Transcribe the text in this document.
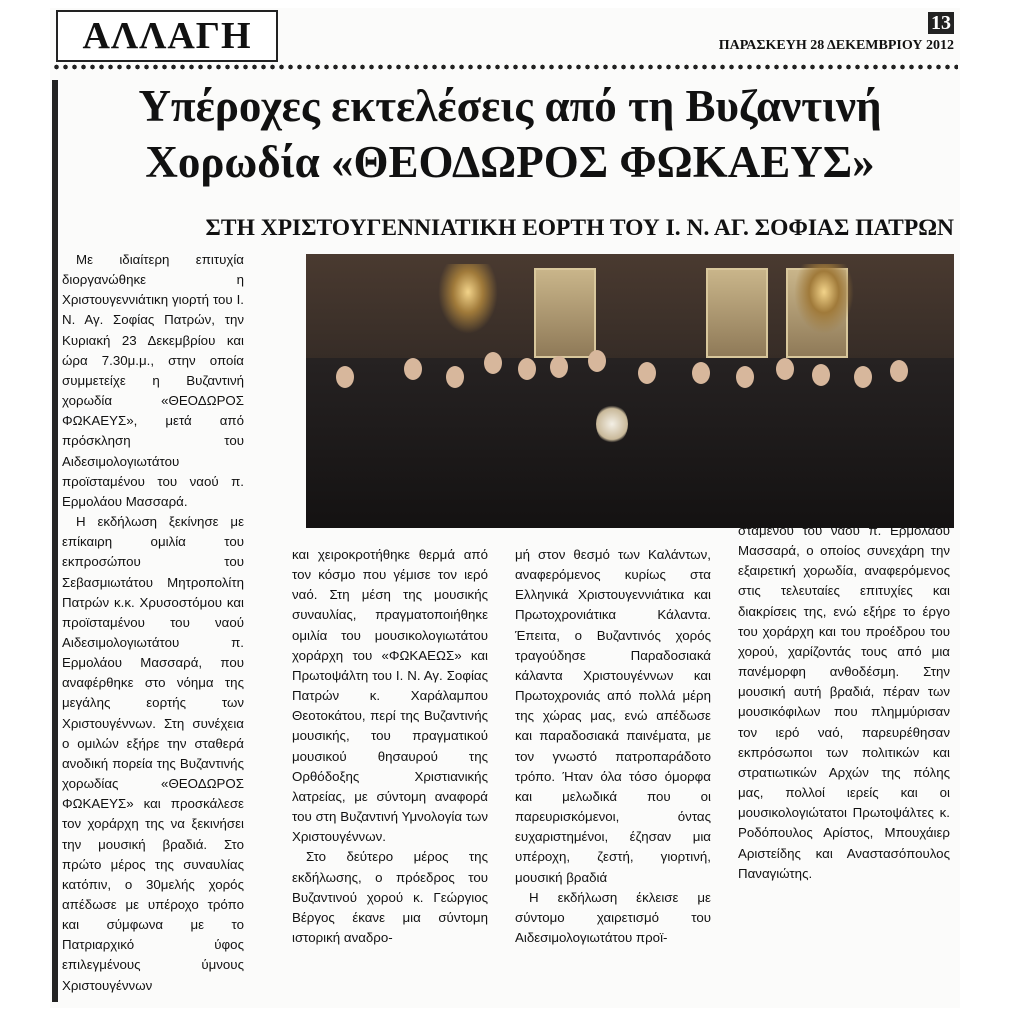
ΑΛΛΑΓΗ	13
ΠΑΡΑΣΚΕΥΗ 28 ΔΕΚΕΜΒΡΙΟΥ 2012
Υπέροχες εκτελέσεις από τη Βυζαντινή
Χορωδία «ΘΕΟΔΩΡΟΣ ΦΩΚΑΕΥΣ»
ΣΤΗ ΧΡΙΣΤΟΥΓΕΝΝΙΑΤΙΚΗ ΕΟΡΤΗ ΤΟΥ Ι. Ν. ΑΓ. ΣΟΦΙΑΣ ΠΑΤΡΩΝ

Με ιδιαίτερη επιτυχία διοργανώθηκε η Χριστουγεννιάτικη γιορτή του Ι. Ν. Αγ. Σοφίας Πατρών, την Κυριακή 23 Δεκεμβρίου και ώρα 7.30μ.μ., στην οποία συμμετείχε η Βυζαντινή χορωδία «ΘΕΟΔΩΡΟΣ ΦΩΚΑΕΥΣ», μετά από πρόσκληση του Αιδεσιμολογιωτάτου προϊσταμένου του ναού π. Ερμολάου Μασσαρά.

Η εκδήλωση ξεκίνησε με επίκαιρη ομιλία του εκπροσώπου του Σεβασμιωτάτου Μητροπολίτη Πατρών κ.κ. Χρυσοστόμου και προϊσταμένου του ναού Αιδεσιμολογιωτάτου π. Ερμολάου Μασσαρά, που αναφέρθηκε στο νόημα της μεγάλης εορτής των Χριστουγέννων. Στη συνέχεια ο ομιλών εξήρε την σταθερά ανοδική πορεία της Βυζαντινής χορωδίας «ΘΕΟΔΩΡΟΣ ΦΩΚΑΕΥΣ» και προσκάλεσε τον χοράρχη της να ξεκινήσει την μουσική βραδιά. Στο πρώτο μέρος της συναυλίας κατόπιν, ο 30μελής χορός απέδωσε με υπέροχο τρόπο και σύμφωνα με το Πατριαρχικό ύφος επιλεγμένους ύμνους Χριστουγέννων

και χειροκροτήθηκε θερμά από τον κόσμο που γέμισε τον ιερό ναό. Στη μέση της μουσικής συναυλίας, πραγματοποιήθηκε ομιλία του μουσικολογιωτάτου χοράρχη του «ΦΩΚΑΕΩΣ» και Πρωτοψάλτη του Ι. Ν. Αγ. Σοφίας Πατρών κ. Χαράλαμπου Θεοτοκάτου, περί της Βυζαντινής μουσικής, του πραγματικού μουσικού θησαυρού της Ορθόδοξης Χριστιανικής λατρείας, με σύντομη αναφορά του στη Βυζαντινή Υμνολογία των Χριστουγέννων.

Στο δεύτερο μέρος της εκδήλωσης, ο πρόεδρος του Βυζαντινού χορού κ. Γεώργιος Βέργος έκανε μια σύντομη ιστορική αναδρο-

μή στον θεσμό των Καλάντων, αναφερόμενος κυρίως στα Ελληνικά Χριστουγεννιάτικα και Πρωτοχρονιάτικα Κάλαντα. Έπειτα, ο Βυζαντινός χορός τραγούδησε Παραδοσιακά κάλαντα Χριστουγέννων και Πρωτοχρονιάς από πολλά μέρη της χώρας μας, ενώ απέδωσε και παραδοσιακά παινέματα, με τον γνωστό πατροπαράδοτο τρόπο. Ήταν όλα τόσο όμορφα και μελωδικά που οι παρευρισκόμενοι, όντας ευχαριστημένοι, έζησαν μια υπέροχη, ζεστή, γιορτινή, μουσική βραδιά

Η εκδήλωση έκλεισε με σύντομο χαιρετισμό του Αιδεσιμολογιωτάτου προϊ-

σταμένου του ναού π. Ερμολάου Μασσαρά, ο οποίος συνεχάρη την εξαιρετική χορωδία, αναφερόμενος στις τελευταίες επιτυχίες και διακρίσεις της, ενώ εξήρε το έργο του χοράρχη και του προέδρου του χορού, χαρίζοντάς τους από μια πανέμορφη ανθοδέσμη. Στην μουσική αυτή βραδιά, πέραν των μουσικόφιλων που πλημμύρισαν τον ιερό ναό, παρευρέθησαν εκπρόσωποι των πολιτικών και στρατιωτικών Αρχών της πόλης μας, πολλοί ιερείς και οι μουσικολογιώτατοι Πρωτοψάλτες κ. Ροδόπουλος Αρίστος, Μπουχάιερ Αριστείδης και Αναστασόπουλος Παναγιώτης.
